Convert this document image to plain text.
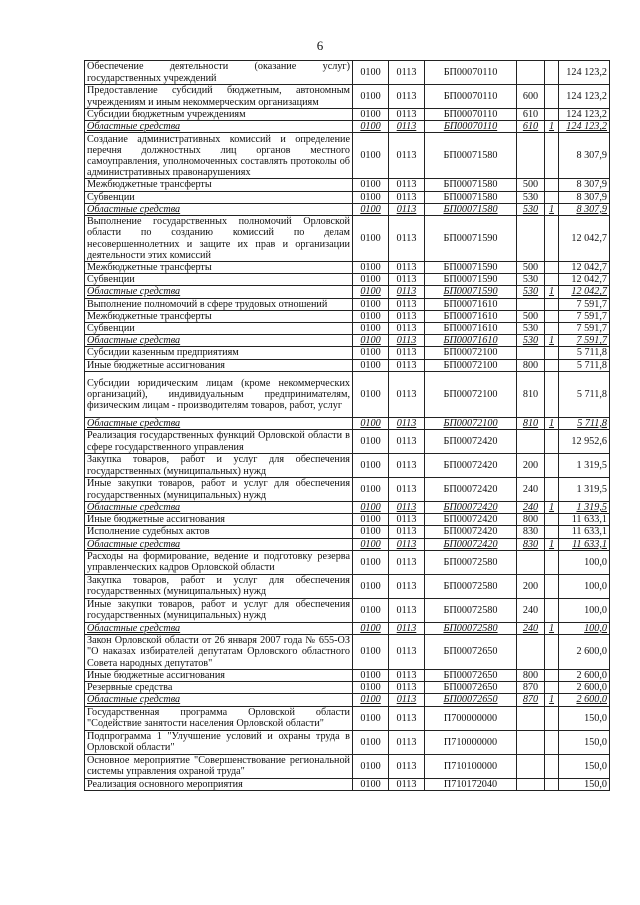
6
Обеспечение деятельности (оказание услуг) государственных учреждений	0100	0113	БП00070110			124 123,2
Предоставление субсидий бюджетным, автономным учреждениям и иным некоммерческим организациям	0100	0113	БП00070110	600		124 123,2
Субсидии бюджетным учреждениям	0100	0113	БП00070110	610		124 123,2
Областные средства	0100	0113	БП00070110	610	1	124 123,2
Создание административных комиссий и определение перечня должностных лиц органов местного самоуправления, уполномоченных составлять протоколы об административных правонарушениях	0100	0113	БП00071580			8 307,9
Межбюджетные трансферты	0100	0113	БП00071580	500		8 307,9
Субвенции	0100	0113	БП00071580	530		8 307,9
Областные средства	0100	0113	БП00071580	530	1	8 307,9
Выполнение государственных полномочий Орловской области по созданию комиссий по делам несовершеннолетних и защите их прав и организации деятельности этих комиссий	0100	0113	БП00071590			12 042,7
Межбюджетные трансферты	0100	0113	БП00071590	500		12 042,7
Субвенции	0100	0113	БП00071590	530		12 042,7
Областные средства	0100	0113	БП00071590	530	1	12 042,7
Выполнение полномочий в сфере трудовых отношений	0100	0113	БП00071610			7 591,7
Межбюджетные трансферты	0100	0113	БП00071610	500		7 591,7
Субвенции	0100	0113	БП00071610	530		7 591,7
Областные средства	0100	0113	БП00071610	530	1	7 591,7
Субсидии казенным предприятиям	0100	0113	БП00072100			5 711,8
Иные бюджетные ассигнования	0100	0113	БП00072100	800		5 711,8
Субсидии юридическим лицам (кроме некоммерческих организаций), индивидуальным предпринимателям, физическим лицам - производителям товаров, работ, услуг	0100	0113	БП00072100	810		5 711,8
Областные средства	0100	0113	БП00072100	810	1	5 711,8
Реализация государственных функций Орловской области в сфере государственного управления	0100	0113	БП00072420			12 952,6
Закупка товаров, работ и услуг для обеспечения государственных (муниципальных) нужд	0100	0113	БП00072420	200		1 319,5
Иные закупки товаров, работ и услуг для обеспечения государственных (муниципальных) нужд	0100	0113	БП00072420	240		1 319,5
Областные средства	0100	0113	БП00072420	240	1	1 319,5
Иные бюджетные ассигнования	0100	0113	БП00072420	800		11 633,1
Исполнение судебных актов	0100	0113	БП00072420	830		11 633,1
Областные средства	0100	0113	БП00072420	830	1	11 633,1
Расходы на формирование, ведение и подготовку резерва управленческих кадров Орловской области	0100	0113	БП00072580			100,0
Закупка товаров, работ и услуг для обеспечения государственных (муниципальных) нужд	0100	0113	БП00072580	200		100,0
Иные закупки товаров, работ и услуг для обеспечения государственных (муниципальных) нужд	0100	0113	БП00072580	240		100,0
Областные средства	0100	0113	БП00072580	240	1	100,0
Закон Орловской области от 26 января 2007 года № 655-ОЗ "О наказах избирателей депутатам Орловского областного Совета народных депутатов"	0100	0113	БП00072650			2 600,0
Иные бюджетные ассигнования	0100	0113	БП00072650	800		2 600,0
Резервные средства	0100	0113	БП00072650	870		2 600,0
Областные средства	0100	0113	БП00072650	870	1	2 600,0
Государственная программа Орловской области "Содействие занятости населения Орловской области"	0100	0113	П700000000			150,0
Подпрограмма 1 "Улучшение условий и охраны труда в Орловской области"	0100	0113	П710000000			150,0
Основное мероприятие "Совершенствование региональной системы управления охраной труда"	0100	0113	П710100000			150,0
Реализация основного мероприятия	0100	0113	П710172040			150,0
